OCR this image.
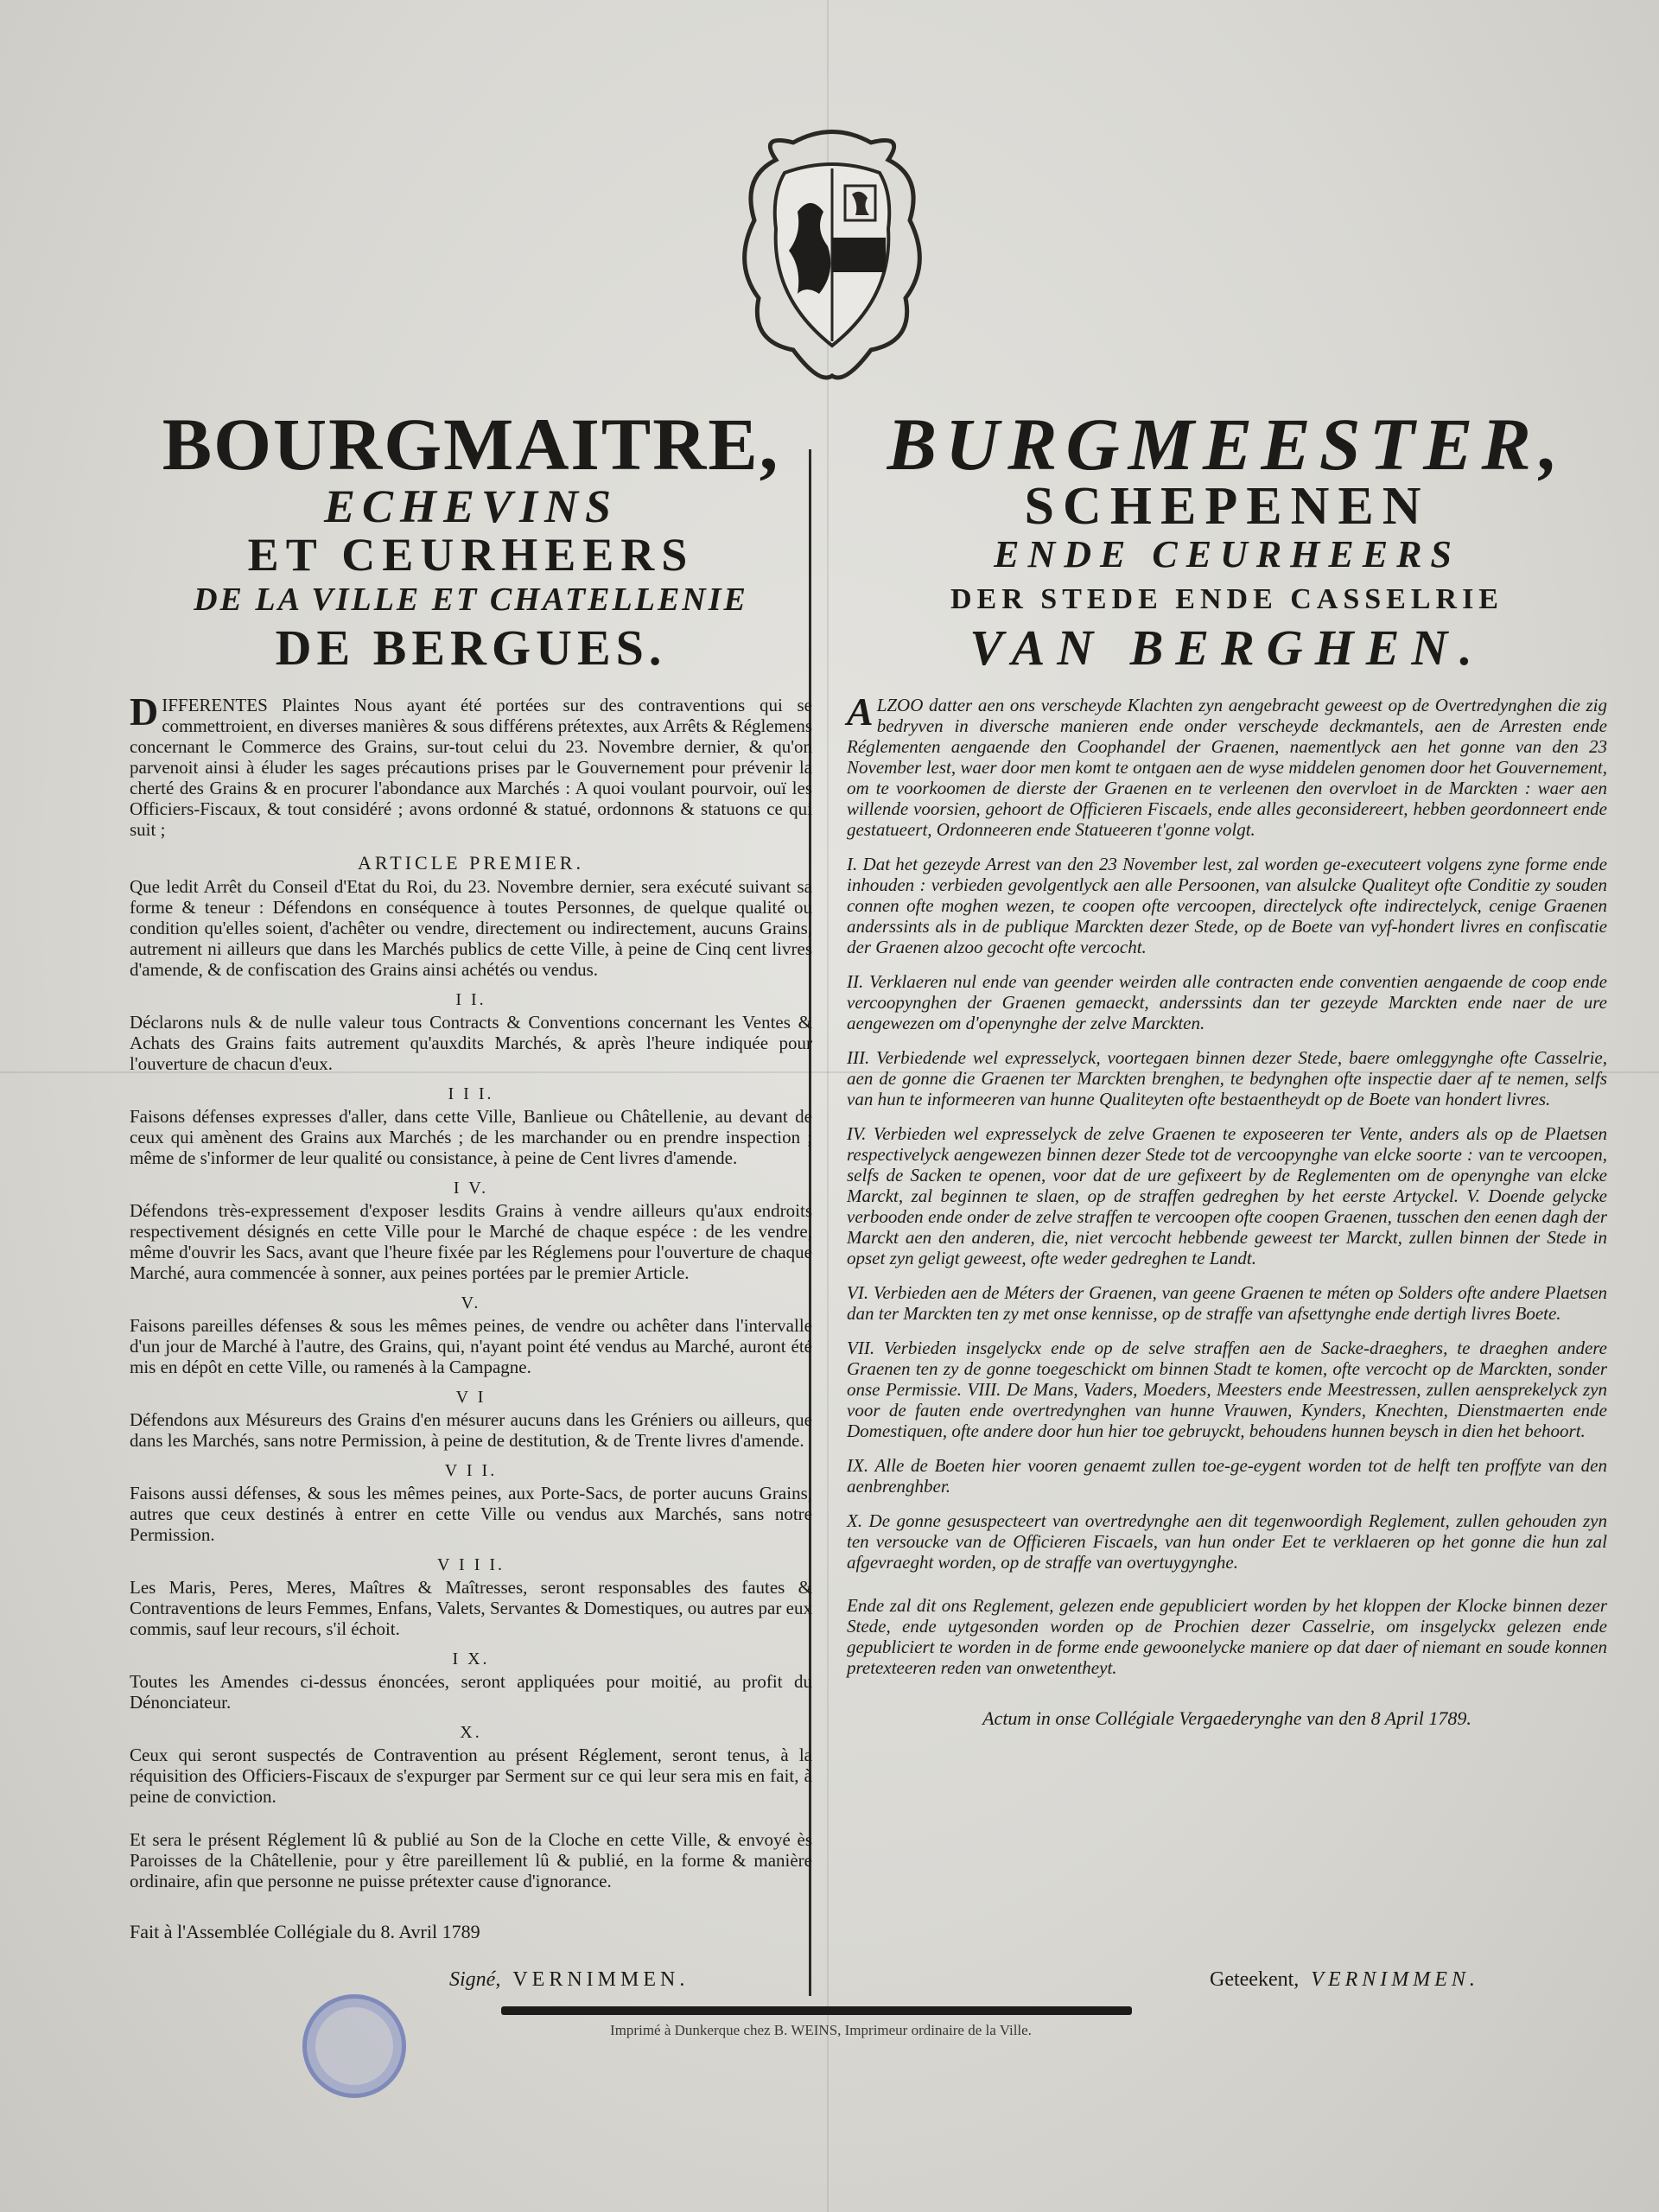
BOURGMAITRE,
ECHEVINS
ET CEURHEERS
DE LA VILLE ET CHATELLENIE
DE BERGUES.
DIFFERENTES Plaintes Nous ayant été portées sur des contraventions qui se commettroient, en diverses manières & sous différens prétextes, aux Arrêts & Réglemens concernant le Commerce des Grains, sur-tout celui du 23. Novembre dernier, & qu'on parvenoit ainsi à éluder les sages précautions prises par le Gouvernement pour prévenir la cherté des Grains & en procurer l'abondance aux Marchés : A quoi voulant pourvoir, ouï les Officiers-Fiscaux, & tout considéré ; avons ordonné & statué, ordonnons & statuons ce qui suit ;
ARTICLE PREMIER.
Que ledit Arrêt du Conseil d'Etat du Roi, du 23. Novembre dernier, sera exécuté suivant sa forme & teneur : Défendons en conséquence à toutes Personnes, de quelque qualité ou condition qu'elles soient, d'achêter ou vendre, directement ou indirectement, aucuns Grains, autrement ni ailleurs que dans les Marchés publics de cette Ville, à peine de Cinq cent livres d'amende, & de confiscation des Grains ainsi achétés ou vendus.
I I.
Déclarons nuls & de nulle valeur tous Contracts & Conventions concernant les Ventes & Achats des Grains faits autrement qu'auxdits Marchés, & après l'heure indiquée pour l'ouverture de chacun d'eux.
I I I.
Faisons défenses expresses d'aller, dans cette Ville, Banlieue ou Châtellenie, au devant de ceux qui amènent des Grains aux Marchés ; de les marchander ou en prendre inspection ; même de s'informer de leur qualité ou consistance, à peine de Cent livres d'amende.
I V.
Défendons très-expressement d'exposer lesdits Grains à vendre ailleurs qu'aux endroits respectivement désignés en cette Ville pour le Marché de chaque espéce : de les vendre, même d'ouvrir les Sacs, avant que l'heure fixée par les Réglemens pour l'ouverture de chaque Marché, aura commencée à sonner, aux peines portées par le premier Article.
V.
Faisons pareilles défenses & sous les mêmes peines, de vendre ou achêter dans l'intervalle d'un jour de Marché à l'autre, des Grains, qui, n'ayant point été vendus au Marché, auront été mis en dépôt en cette Ville, ou ramenés à la Campagne.
V I
Défendons aux Mésureurs des Grains d'en mésurer aucuns dans les Gréniers ou ailleurs, que dans les Marchés, sans notre Permission, à peine de destitution, & de Trente livres d'amende.
V I I.
Faisons aussi défenses, & sous les mêmes peines, aux Porte-Sacs, de porter aucuns Grains, autres que ceux destinés à entrer en cette Ville ou vendus aux Marchés, sans notre Permission.
V I I I.
Les Maris, Peres, Meres, Maîtres & Maîtresses, seront responsables des fautes & Contraventions de leurs Femmes, Enfans, Valets, Servantes & Domestiques, ou autres par eux commis, sauf leur recours, s'il échoit.
I X.
Toutes les Amendes ci-dessus énoncées, seront appliquées pour moitié, au profit du Dénonciateur.
X.
Ceux qui seront suspectés de Contravention au présent Réglement, seront tenus, à la réquisition des Officiers-Fiscaux de s'expurger par Serment sur ce qui leur sera mis en fait, à peine de conviction.
Et sera le présent Réglement lû & publié au Son de la Cloche en cette Ville, & envoyé ès Paroisses de la Châtellenie, pour y être pareillement lû & publié, en la forme & manière ordinaire, afin que personne ne puisse prétexter cause d'ignorance.
Fait à l'Assemblée Collégiale du 8. Avril 1789
BURGMEESTER,
SCHEPENEN
ENDE CEURHEERS
DER STEDE ENDE CASSELRIE
VAN BERGHEN.
ALZOO datter aen ons verscheyde Klachten zyn aengebracht geweest op de Overtredynghen die zig bedryven in diversche manieren ende onder verscheyde deckmantels, aen de Arresten ende Réglementen aengaende den Coophandel der Graenen, naementlyck aen het gonne van den 23 November lest, waer door men komt te ontgaen aen de wyse middelen genomen door het Gouvernement, om te voorkoomen de dierste der Graenen en te verleenen den overvloet in de Marckten : waer aen willende voorsien, gehoort de Officieren Fiscaels, ende alles geconsidereert, hebben geordonneert ende gestatueert, Ordonneeren ende Statueeren t'gonne volgt.
I. Dat het gezeyde Arrest van den 23 November lest, zal worden ge-executeert volgens zyne forme ende inhouden : verbieden gevolgentlyck aen alle Persoonen, van alsulcke Qualiteyt ofte Conditie zy souden connen ofte moghen wezen, te coopen ofte vercoopen, directelyck ofte indirectelyck, cenige Graenen anderssints als in de publique Marckten dezer Stede, op de Boete van vyf-hondert livres en confiscatie der Graenen alzoo gecocht ofte vercocht.
II. Verklaeren nul ende van geender weirden alle contracten ende conventien aengaende de coop ende vercoopynghen der Graenen gemaeckt, anderssints dan ter gezeyde Marckten ende naer de ure aengewezen om d'openynghe der zelve Marckten.
III. Verbiedende wel expresselyck, voortegaen binnen dezer Stede, baere omleggynghe ofte Casselrie, aen de gonne die Graenen ter Marckten brenghen, te bedynghen ofte inspectie daer af te nemen, selfs van hun te informeeren van hunne Qualiteyten ofte bestaentheydt op de Boete van hondert livres.
IV. Verbieden wel expresselyck de zelve Graenen te exposeeren ter Vente, anders als op de Plaetsen respectivelyck aengewezen binnen dezer Stede tot de vercoopynghe van elcke soorte : van te vercoopen, selfs de Sacken te openen, voor dat de ure gefixeert by de Reglementen om de openynghe van elcke Marckt, zal beginnen te slaen, op de straffen gedreghen by het eerste Artyckel. V. Doende gelycke verbooden ende onder de zelve straffen te vercoopen ofte coopen Graenen, tusschen den eenen dagh der Marckt aen den anderen, die, niet vercocht hebbende geweest ter Marckt, zullen binnen der Stede in opset zyn geligt geweest, ofte weder gedreghen te Landt.
VI. Verbieden aen de Méters der Graenen, van geene Graenen te méten op Solders ofte andere Plaetsen dan ter Marckten ten zy met onse kennisse, op de straffe van afsettynghe ende dertigh livres Boete.
VII. Verbieden insgelyckx ende op de selve straffen aen de Sacke-draeghers, te draeghen andere Graenen ten zy de gonne toegeschickt om binnen Stadt te komen, ofte vercocht op de Marckten, sonder onse Permissie. VIII. De Mans, Vaders, Moeders, Meesters ende Meestressen, zullen aensprekelyck zyn voor de fauten ende overtredynghen van hunne Vrauwen, Kynders, Knechten, Dienstmaerten ende Domestiquen, ofte andere door hun hier toe gebruyckt, behoudens hunnen beysch in dien het behoort.
IX. Alle de Boeten hier vooren genaemt zullen toe-ge-eygent worden tot de helft ten proffyte van den aenbrenghber.
X. De gonne gesuspecteert van overtredynghe aen dit tegenwoordigh Reglement, zullen gehouden zyn ten versoucke van de Officieren Fiscaels, van hun onder Eet te verklaeren op het gonne die hun zal afgevraeght worden, op de straffe van overtuygynghe.
Ende zal dit ons Reglement, gelezen ende gepubliciert worden by het kloppen der Klocke binnen dezer Stede, ende uytgesonden worden op de Prochien dezer Casselrie, om insgelyckx gelezen ende gepubliciert te worden in de forme ende gewoonelycke maniere op dat daer of niemant en soude konnen pretexteeren reden van onwetentheyt.
Actum in onse Collégiale Vergaederynghe van den 8 April 1789.
Signé, VERNIMMEN.	Geteekent, VERNIMMEN.
Imprimé à Dunkerque chez B. WEINS, Imprimeur ordinaire de la Ville.
